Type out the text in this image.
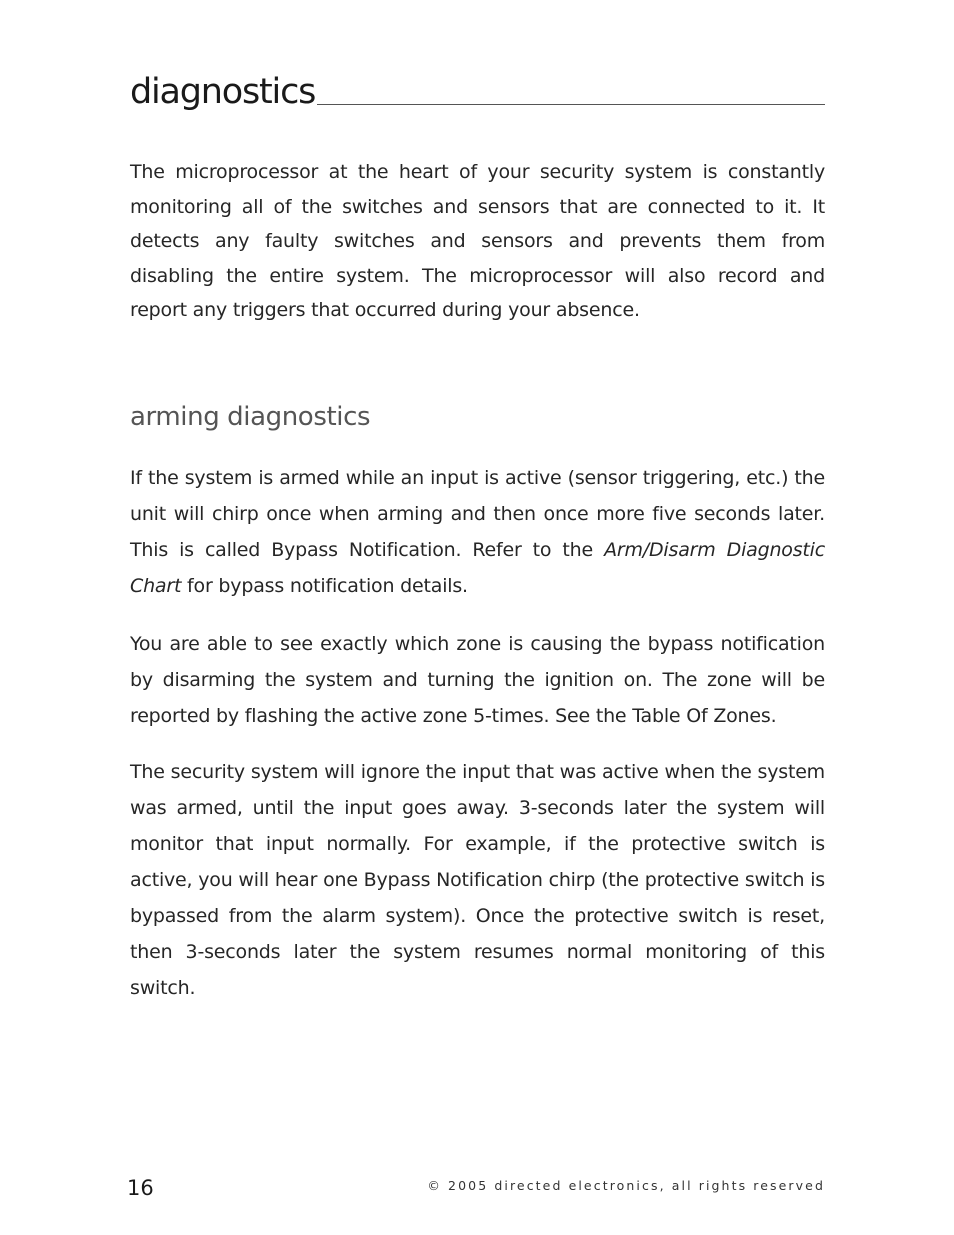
diagnostics

The microprocessor at the heart of your security system is constantly monitoring all of the switches and sensors that are connected to it. It detects any faulty switches and sensors and prevents them from disabling the entire system. The microprocessor will also record and report any triggers that occurred during your absence.

arming diagnostics

If the system is armed while an input is active (sensor triggering, etc.) the unit will chirp once when arming and then once more five seconds later. This is called Bypass Notification. Refer to the Arm/Disarm Diagnostic Chart for bypass notification details.

You are able to see exactly which zone is causing the bypass notification by disarming the system and turning the ignition on. The zone will be reported by flashing the active zone 5-times. See the Table Of Zones.

The security system will ignore the input that was active when the system was armed, until the input goes away. 3-seconds later the system will monitor that input normally. For example, if the protective switch is active, you will hear one Bypass Notification chirp (the protective switch is bypassed from the alarm system). Once the protective switch is reset, then 3-seconds later the system resumes normal monitoring of this switch.

16	© 2005 directed electronics, all rights reserved
